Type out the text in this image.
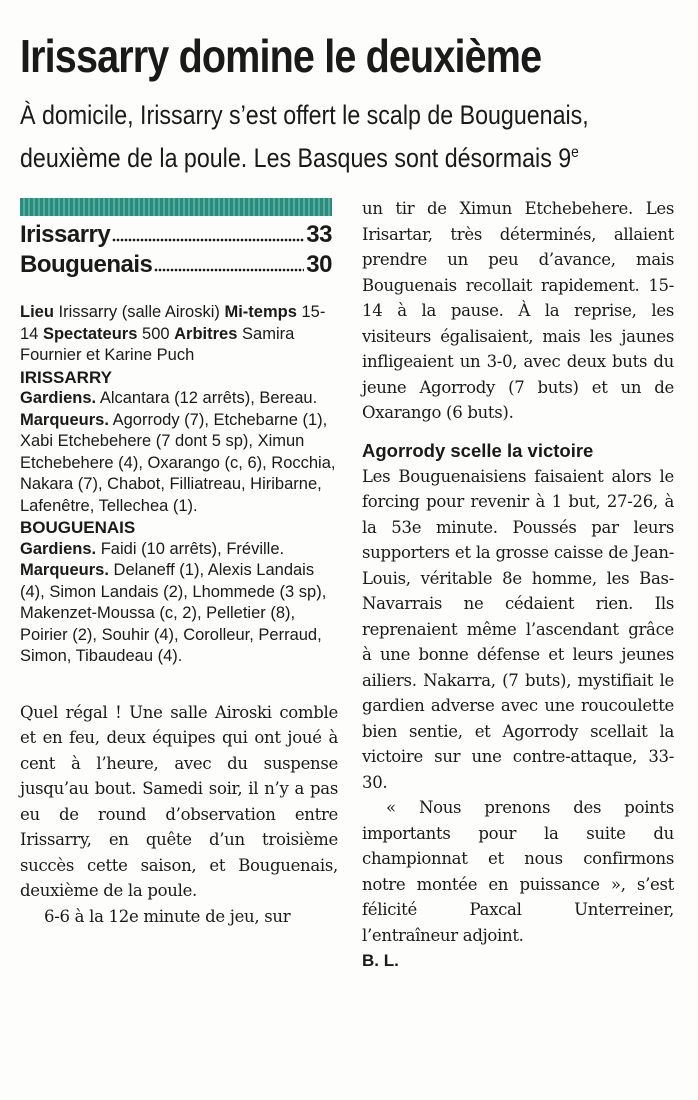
Irissarry domine le deuxième
À domicile, Irissarry s’est offert le scalp de Bouguenais,
deuxième de la poule. Les Basques sont désormais 9e
Irissarry	33
Bouguenais	30
Lieu Irissarry (salle Airoski) Mi-temps 15-14 Spectateurs 500 Arbitres Samira Fournier et Karine Puch
IRISSARRY
Gardiens. Alcantara (12 arrêts), Bereau.
Marqueurs. Agorrody (7), Etchebarne (1), Xabi Etchebehere (7 dont 5 sp), Ximun Etchebehere (4), Oxarango (c, 6), Rocchia, Nakara (7), Chabot, Filliatreau, Hiribarne, Lafenêtre, Tellechea (1).
BOUGUENAIS
Gardiens. Faidi (10 arrêts), Fréville.
Marqueurs. Delaneff (1), Alexis Landais (4), Simon Landais (2), Lhommede (3 sp), Makenzet-Moussa (c, 2), Pelletier (8), Poirier (2), Souhir (4), Corolleur, Perraud, Simon, Tibaudeau (4).

Quel régal ! Une salle Airoski comble et en feu, deux équipes qui ont joué à cent à l’heure, avec du suspense jusqu’au bout. Samedi soir, il n’y a pas eu de round d’observation entre Irissarry, en quête d’un troisième succès cette saison, et Bouguenais, deuxième de la poule.

6-6 à la 12e minute de jeu, sur

un tir de Ximun Etchebehere. Les Irisartar, très déterminés, allaient prendre un peu d’avance, mais Bouguenais recollait rapidement. 15-14 à la pause. À la reprise, les visiteurs égalisaient, mais les jaunes infligeaient un 3-0, avec deux buts du jeune Agorrody (7 buts) et un de Oxarango (6 buts).

Agorrody scelle la victoire

Les Bouguenaisiens faisaient alors le forcing pour revenir à 1 but, 27-26, à la 53e minute. Poussés par leurs supporters et la grosse caisse de Jean-Louis, véritable 8e homme, les Bas-Navarrais ne cédaient rien. Ils reprenaient même l’ascendant grâce à une bonne défense et leurs jeunes ailiers. Nakarra, (7 buts), mystifiait le gardien adverse avec une roucoulette bien sentie, et Agorrody scellait la victoire sur une contre-attaque, 33-30.

« Nous prenons des points importants pour la suite du championnat et nous confirmons notre montée en puissance », s’est félicité Paxcal Unterreiner, l’entraîneur adjoint.

B. L.
